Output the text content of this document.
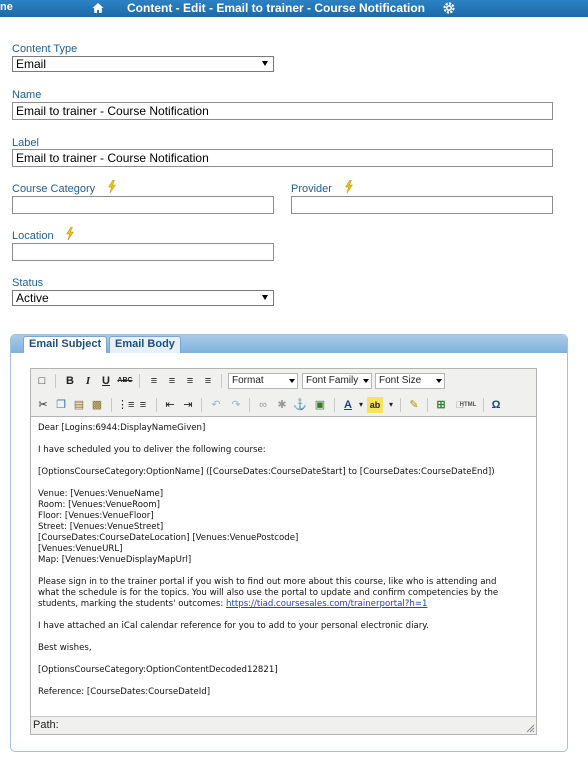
ne	Content - Edit - Email to trainer - Course Notification
Content Type
Email
Name
Email to trainer - Course Notification
Label
Email to trainer - Course Notification
Course Category	Provider
Location
Status
Active
Email Subject	Email Body
□	B	I	U	ABC	≡	≡	≡	≡	Format	Font Family	Font Size
✂ ❐ ▤ ▩ ⋮≡ ≡	⇤ ⇥	↶ ↷	∞ ✱ ⚓ ▣	A ▾ ab	▾	✎	⊞	□
HTML	Ω

Dear [Logins:6944:DisplayNameGiven]

I have scheduled you to deliver the following course:

[OptionsCourseCategory:OptionName] ([CourseDates:CourseDateStart] to [CourseDates:CourseDateEnd])

Venue: [Venues:VenueName]
Room: [Venues:VenueRoom]
Floor: [Venues:VenueFloor]
Street: [Venues:VenueStreet]
[CourseDates:CourseDateLocation] [Venues:VenuePostcode]
[Venues:VenueURL]
Map: [Venues:VenueDisplayMapUrl]

Please sign in to the trainer portal if you wish to find out more about this course, like who is attending and
what the schedule is for the topics. You will also use the portal to update and confirm competencies by the
students, marking the students' outcomes: https://tiad.coursesales.com/trainerportal?h=1

I have attached an iCal calendar reference for you to add to your personal electronic diary.

Best wishes,

[OptionsCourseCategory:OptionContentDecoded12821]

Reference: [CourseDates:CourseDateId]

Path:
